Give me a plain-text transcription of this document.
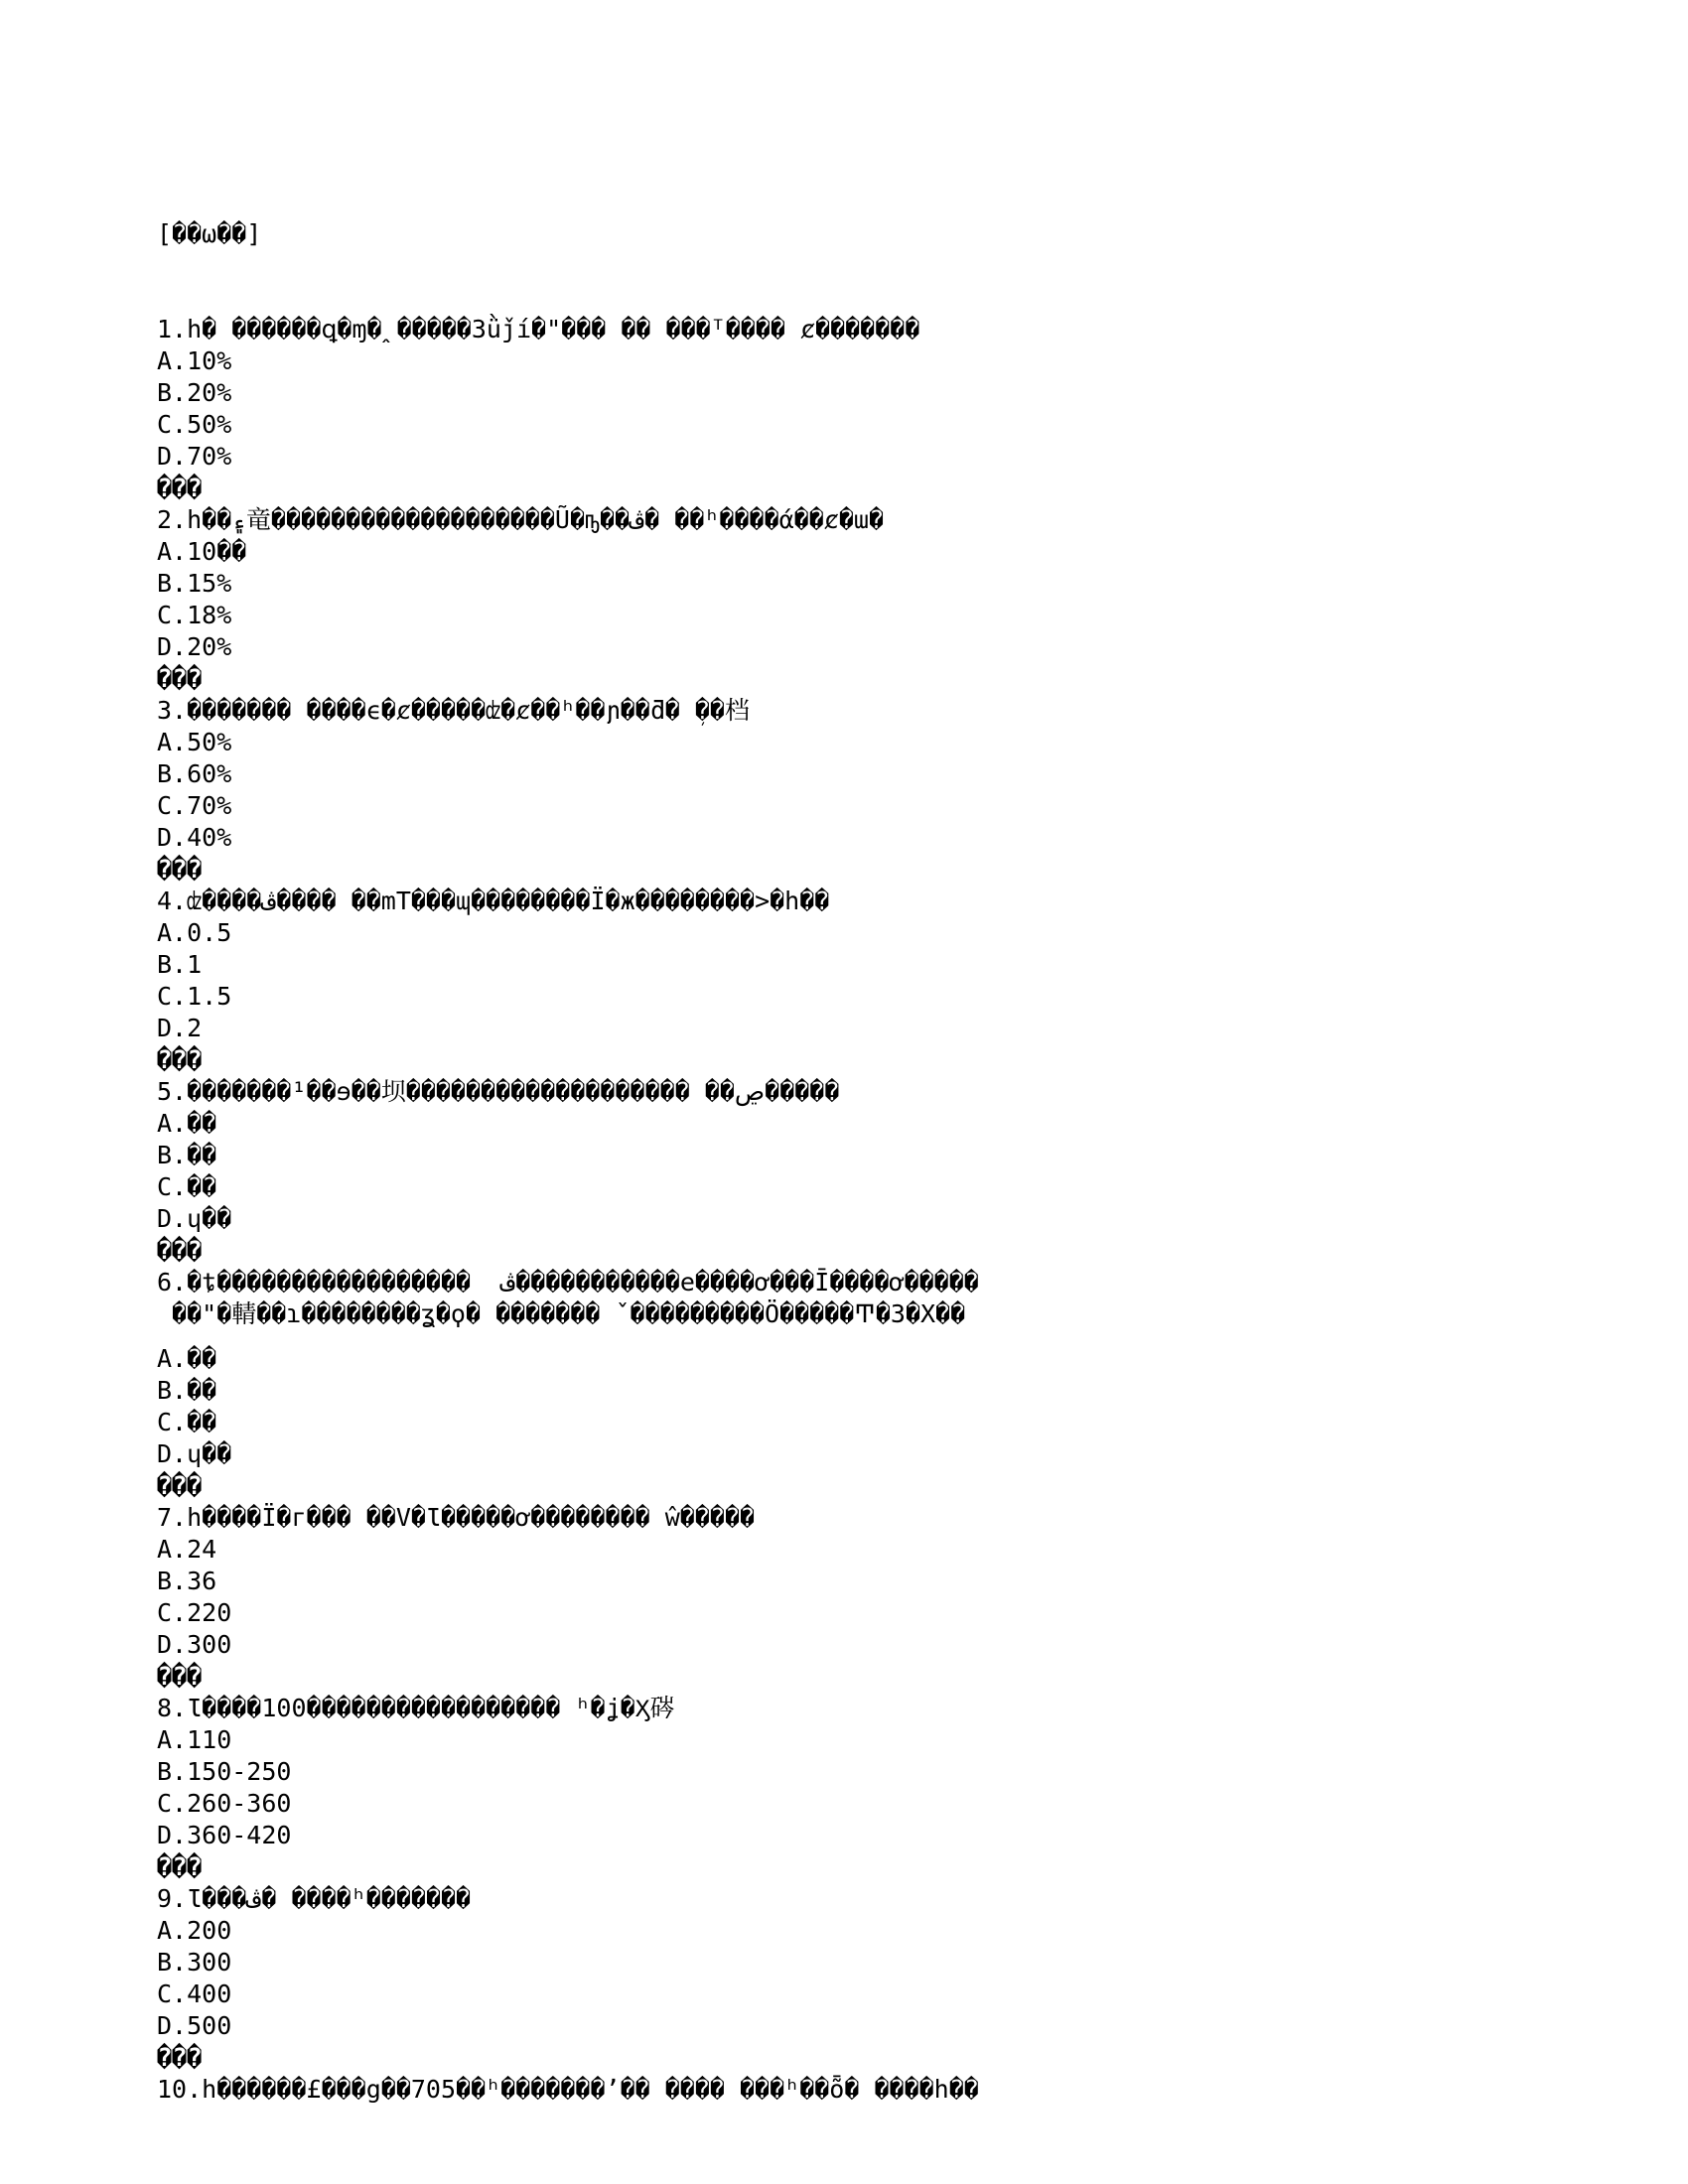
[��ω��]

1.h� ������ꝗ�ɱ�ꞈ�����3ǜǰí�"��� �� ���ᵀ���� ȼ�������
A.10%
B.20%
C.50%
D.70%
���
2.h��۽竜�������������������Ũ�ҧ��ڤ� ��ʰ����ά��ȼ�ɯ�
A.10��
B.15%
C.18%
D.20%
���
3.������� ����ϵ�ȼ�����ʣ�ȼ��ʰ��ɲ��ƌ� ܼ��档
A.50%
B.60%
C.70%
D.40%
���
4.ʣ����ڤ���� ��mТ���ɰ��������Ї�ж��������>�h��
A.0.5
B.1
C.1.5
D.2
���
5.�������¹��ɘ��坝������������������� ��ڝ�����
A.��
B.��
C.��
D.ɥ��
���
6.�ȶ�����������������  ڤ�����������e����ơ���Ī����ơ�����
��"�輤��ɿ��������ʓ�ϙ� ������� ˇ���������Ö�����Ͳ�3�X��
A.��
B.��
C.��
D.ɥ��
���
7.h����Ї�г��� ��V�Ɩ�����ơ�������� ŵ�����
A.24
B.36
C.220
D.300
���
8.Ɩ����100����������������� ʰ�ʝ�Ӽ硶
A.110
B.150-250
C.260-360
D.360-420
���
9.Ɩ���ڤ� ����ʰ�������
A.200
B.300
C.400
D.500
���
10.h������£���g��705��ʰ�������ʼ�� ���� ���ʰ��ȭ� ����h��
